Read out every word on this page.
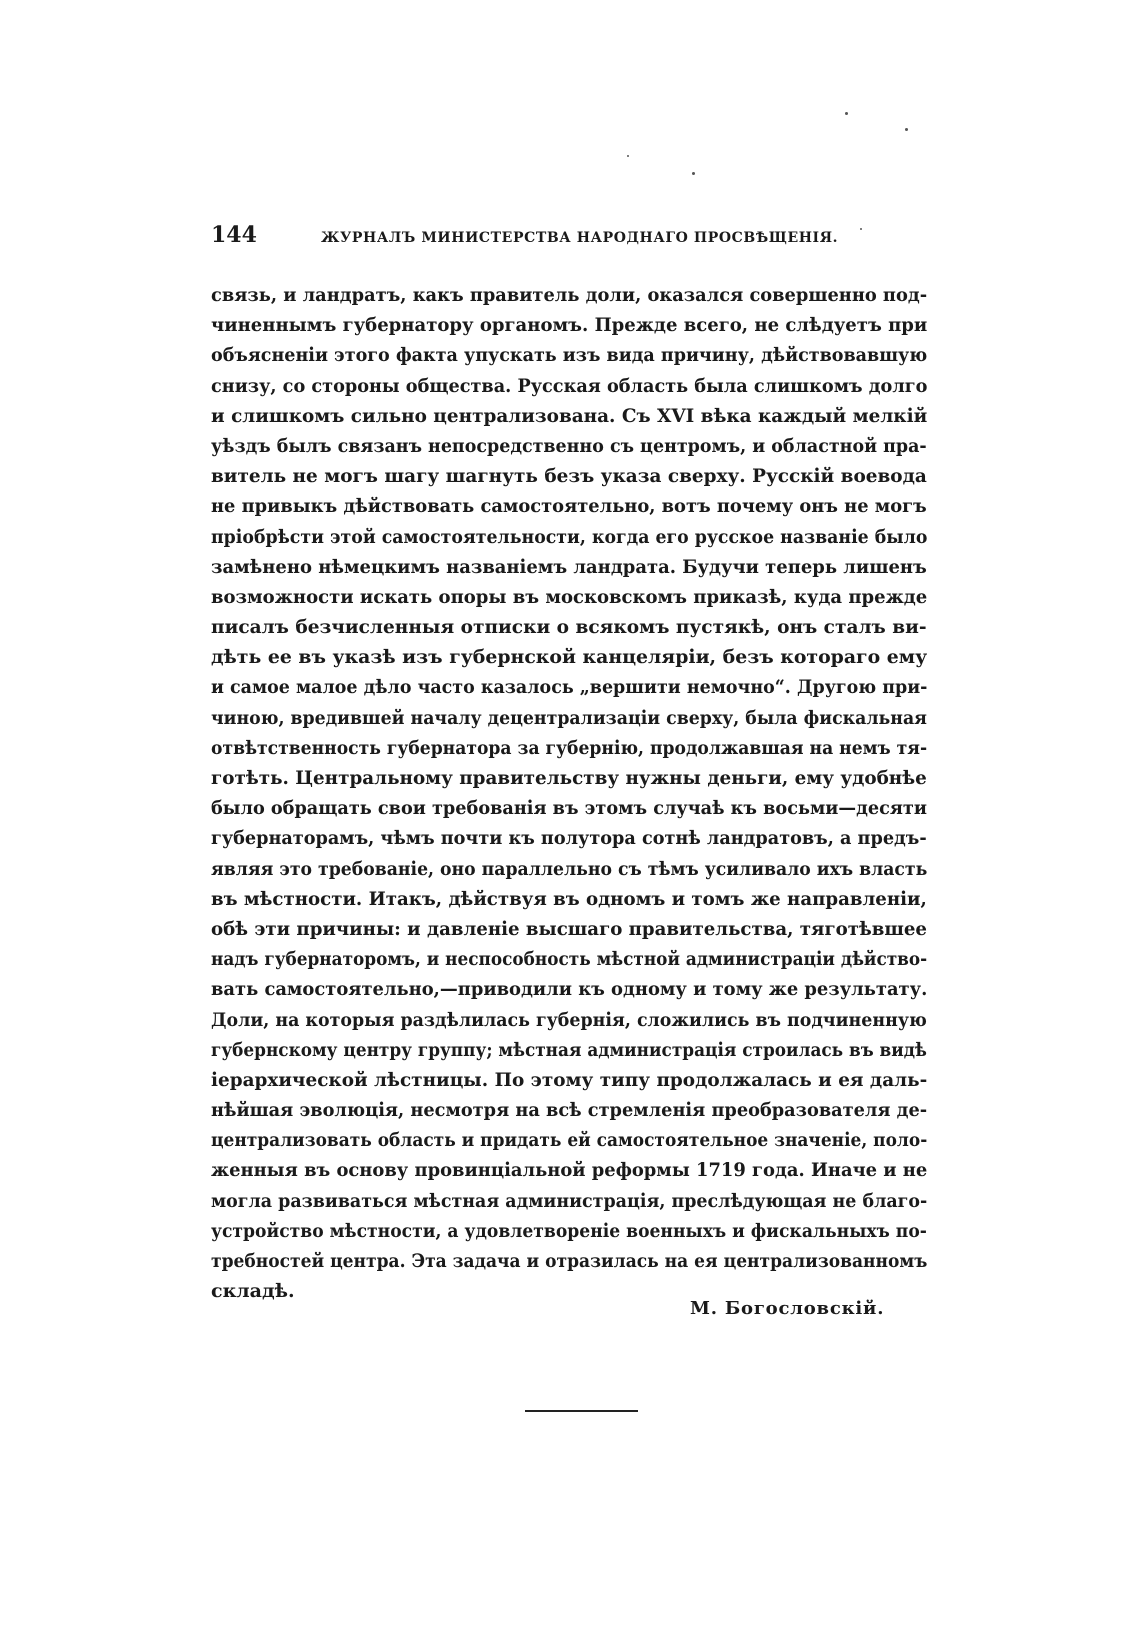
144	ЖУРНАЛЪ МИНИСТЕРСТВА НАРОДНАГО ПРОСВѢЩЕНІЯ.
связь, и ландратъ, какъ правитель доли, оказался совершенно под-
чиненнымъ губернатору органомъ. Прежде всего, не слѣдуетъ при
объясненіи этого факта упускать изъ вида причину, дѣйствовавшую
снизу, со стороны общества. Русская область была слишкомъ долго
и слишкомъ сильно централизована. Съ XVI вѣка каждый мелкій
уѣздъ былъ связанъ непосредственно съ центромъ, и областной пра-
витель не могъ шагу шагнуть безъ указа сверху. Русскій воевода
не привыкъ дѣйствовать самостоятельно, вотъ почему онъ не могъ
пріобрѣсти этой самостоятельности, когда его русское названіе было
замѣнено нѣмецкимъ названіемъ ландрата. Будучи теперь лишенъ
возможности искать опоры въ московскомъ приказѣ, куда прежде
писалъ безчисленныя отписки о всякомъ пустякѣ, онъ сталъ ви-
дѣть ее въ указѣ изъ губернской канцеляріи, безъ котораго ему
и самое малое дѣло часто казалось „вершити немочно“. Другою при-
чиною, вредившей началу децентрализаціи сверху, была фискальная
отвѣтственность губернатора за губернію, продолжавшая на немъ тя-
готѣть. Центральному правительству нужны деньги, ему удобнѣе
было обращать свои требованія въ этомъ случаѣ къ восьми—десяти
губернаторамъ, чѣмъ почти къ полутора сотнѣ ландратовъ, а предъ-
являя это требованіе, оно параллельно съ тѣмъ усиливало ихъ власть
въ мѣстности. Итакъ, дѣйствуя въ одномъ и томъ же направленіи,
обѣ эти причины: и давленіе высшаго правительства, тяготѣвшее
надъ губернаторомъ, и неспособность мѣстной администраціи дѣйство-
вать самостоятельно,—приводили къ одному и тому же результату.
Доли, на которыя раздѣлилась губернія, сложились въ подчиненную
губернскому центру группу; мѣстная администрація строилась въ видѣ
іерархической лѣстницы. По этому типу продолжалась и ея даль-
нѣйшая эволюція, несмотря на всѣ стремленія преобразователя де-
централизовать область и придать ей самостоятельное значеніе, поло-
женныя въ основу провинціальной реформы 1719 года. Иначе и не
могла развиваться мѣстная администрація, преслѣдующая не благо-
устройство мѣстности, а удовлетвореніе военныхъ и фискальныхъ по-
требностей центра. Эта задача и отразилась на ея централизованномъ
складѣ.
М. Богословскій.
